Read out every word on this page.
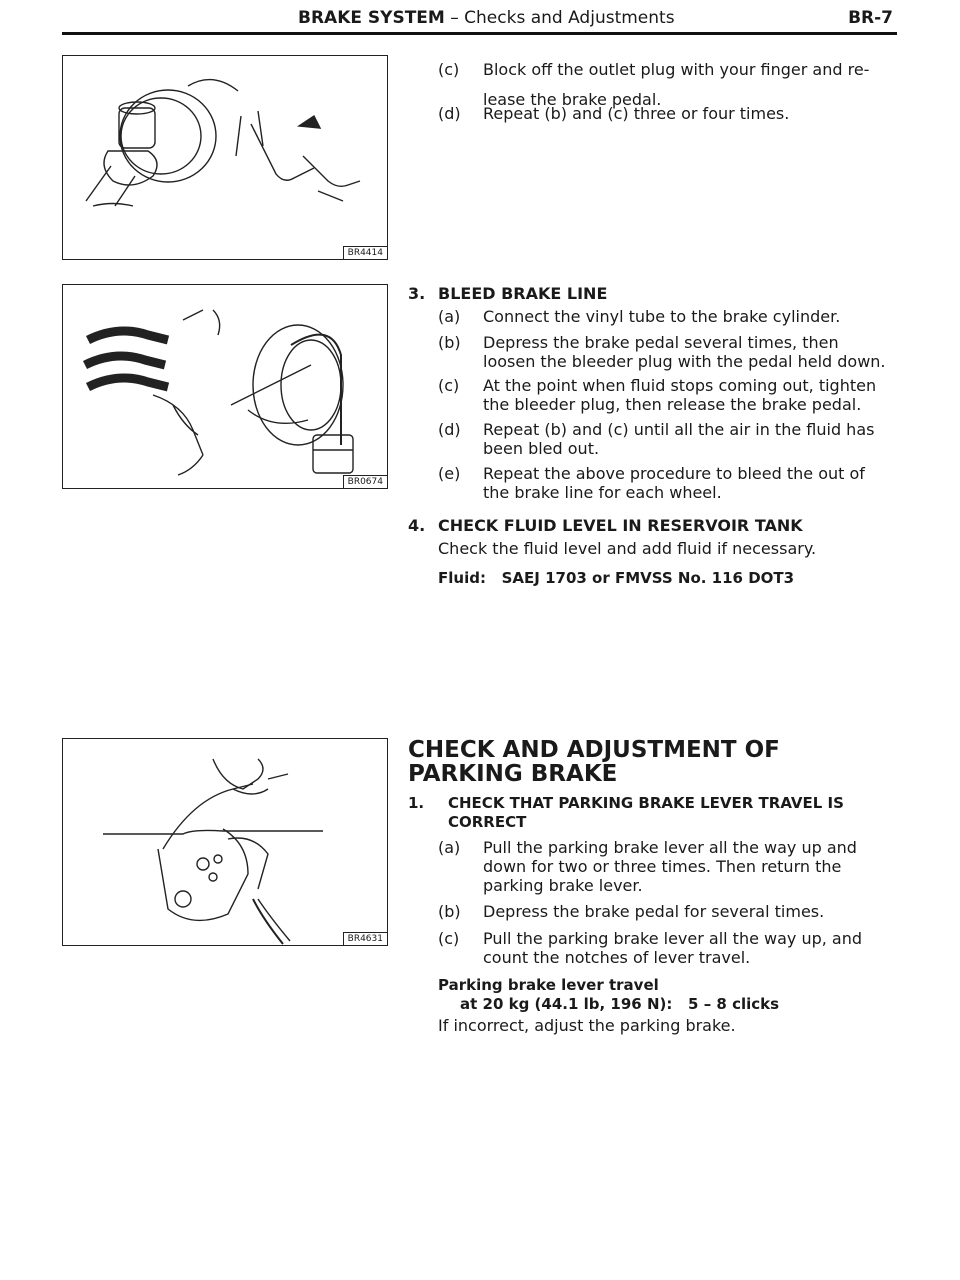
BRAKE SYSTEM – Checks and Adjustments	BR-7
BR4414
BR0674
BR4631
(c) Block off the outlet plug with your finger and re-
lease the brake pedal.
(d) Repeat (b) and (c) three or four times.
3. BLEED BRAKE LINE
(a) Connect the vinyl tube to the brake cylinder.
(b) Depress the brake pedal several times, then loosen the bleeder plug with the pedal held down.
(c) At the point when fluid stops coming out, tighten the bleeder plug, then release the brake pedal.
(d) Repeat (b) and (c) until all the air in the fluid has been bled out.
(e) Repeat the above procedure to bleed the out of the brake line for each wheel.
4. CHECK FLUID LEVEL IN RESERVOIR TANK
Check the fluid level and add fluid if necessary.
Fluid:   SAEJ 1703 or FMVSS No. 116 DOT3
CHECK AND ADJUSTMENT OF PARKING BRAKE
1. CHECK THAT PARKING BRAKE LEVER TRAVEL IS CORRECT
(a) Pull the parking brake lever all the way up and down for two or three times. Then return the parking brake lever.
(b) Depress the brake pedal for several times.
(c) Pull the parking brake lever all the way up, and count the notches of lever travel.
Parking brake lever travel
at 20 kg (44.1 lb, 196 N):   5 – 8 clicks
If incorrect, adjust the parking brake.
